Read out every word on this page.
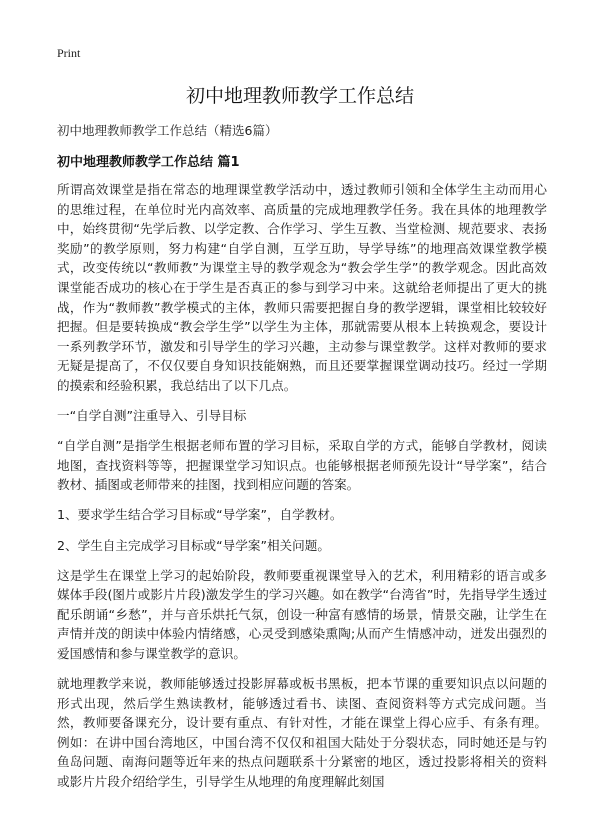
Print
初中地理教师教学工作总结
初中地理教师教学工作总结（精选6篇）
初中地理教师教学工作总结 篇1

所谓高效课堂是指在常态的地理课堂教学活动中，透过教师引领和全体学生主动而用心的思维过程，在单位时光内高效率、高质量的完成地理教学任务。我在具体的地理教学中，始终贯彻“先学后教、以学定教、合作学习、学生互教、当堂检测、规范要求、表扬奖励”的教学原则，努力构建“自学自测，互学互助，导学导练”的地理高效课堂教学模式，改变传统以“教师教”为课堂主导的教学观念为“教会学生学”的教学观念。因此高效课堂能否成功的核心在于学生是否真正的参与到学习中来。这就给老师提出了更大的挑战，作为“教师教”教学模式的主体，教师只需要把握自身的教学逻辑，课堂相比较较好把握。但是要转换成“教会学生学”以学生为主体，那就需要从根本上转换观念，要设计一系列教学环节，激发和引导学生的学习兴趣，主动参与课堂教学。这样对教师的要求无疑是提高了，不仅仅要自身知识技能娴熟，而且还要掌握课堂调动技巧。经过一学期的摸索和经验积累，我总结出了以下几点。

一“自学自测”注重导入、引导目标

“自学自测”是指学生根据老师布置的学习目标，采取自学的方式，能够自学教材，阅读地图，查找资料等等，把握课堂学习知识点。也能够根据老师预先设计“导学案”，结合教材、插图或老师带来的挂图，找到相应问题的答案。

1、要求学生结合学习目标或“导学案”，自学教材。

2、学生自主完成学习目标或“导学案”相关问题。

这是学生在课堂上学习的起始阶段，教师要重视课堂导入的艺术，利用精彩的语言或多媒体手段(图片或影片片段)激发学生的学习兴趣。如在教学“台湾省”时，先指导学生透过配乐朗诵“乡愁”，并与音乐烘托气氛，创设一种富有感情的场景，情景交融，让学生在声情并茂的朗读中体验内情绪感，心灵受到感染熏陶;从而产生情感冲动，迸发出强烈的爱国感情和参与课堂教学的意识。

就地理教学来说，教师能够透过投影屏幕或板书黑板，把本节课的重要知识点以问题的形式出现，然后学生熟读教材，能够透过看书、读图、查阅资料等方式完成问题。当然，教师要备课充分，设计要有重点、有针对性，才能在课堂上得心应手、有条有理。例如：在讲中国台湾地区，中国台湾不仅仅和祖国大陆处于分裂状态，同时她还是与钓鱼岛问题、南海问题等近年来的热点问题联系十分紧密的地区，透过投影将相关的资料或影片片段介绍给学生，引导学生从地理的角度理解此刻国
